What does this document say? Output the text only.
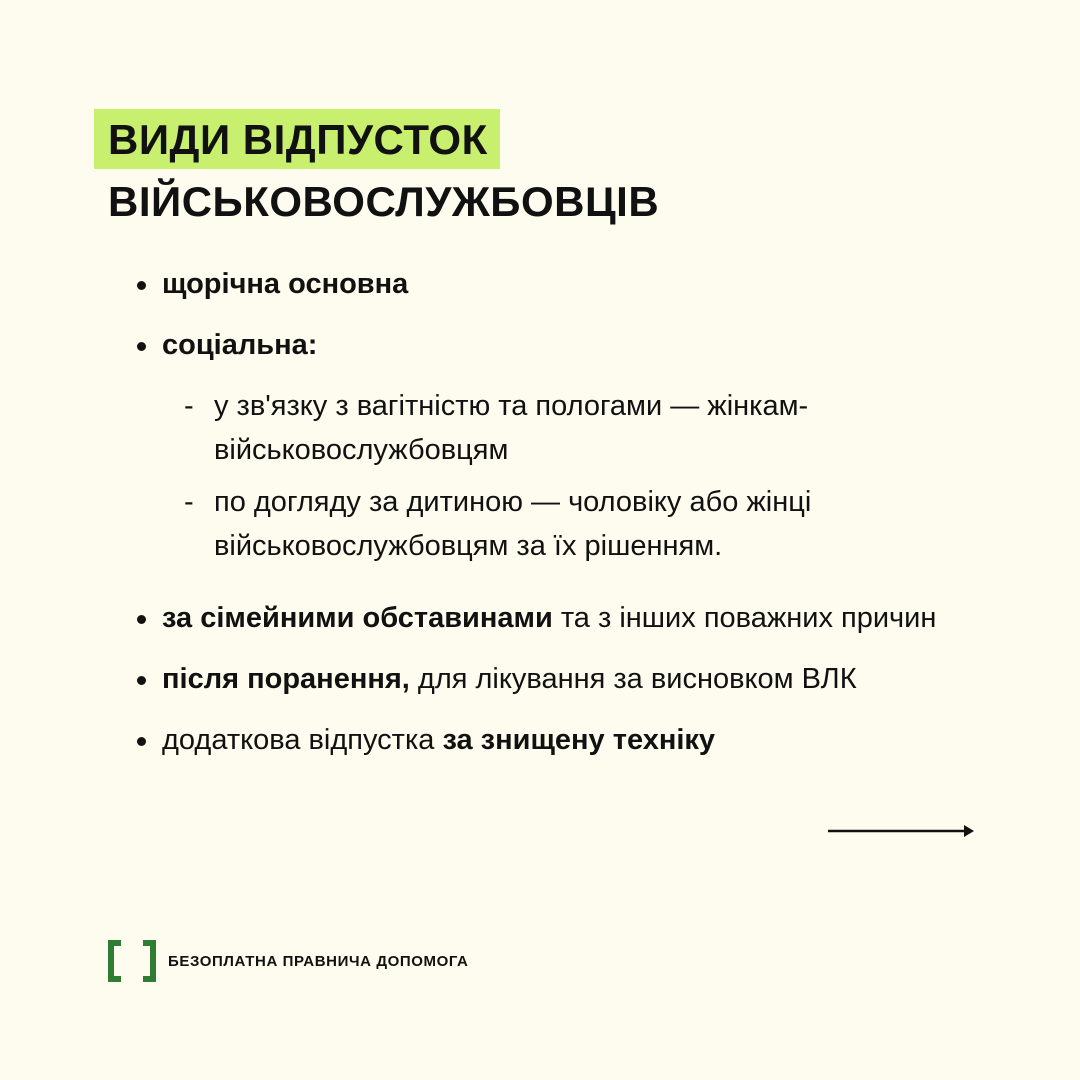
ВИДИ ВІДПУСТОК
ВІЙСЬКОВОСЛУЖБОВЦІВ
щорічна основна
соціальна:
- у зв'язку з вагітністю та пологами — жінкам-військовослужбовцям
- по догляду за дитиною — чоловіку або жінці військовослужбовцям за їх рішенням.
за сімейними обставинами та з інших поважних причин
після поранення, для лікування за висновком ВЛК
додаткова відпустка за знищену техніку
БЕЗОПЛАТНА ПРАВНИЧА ДОПОМОГА
